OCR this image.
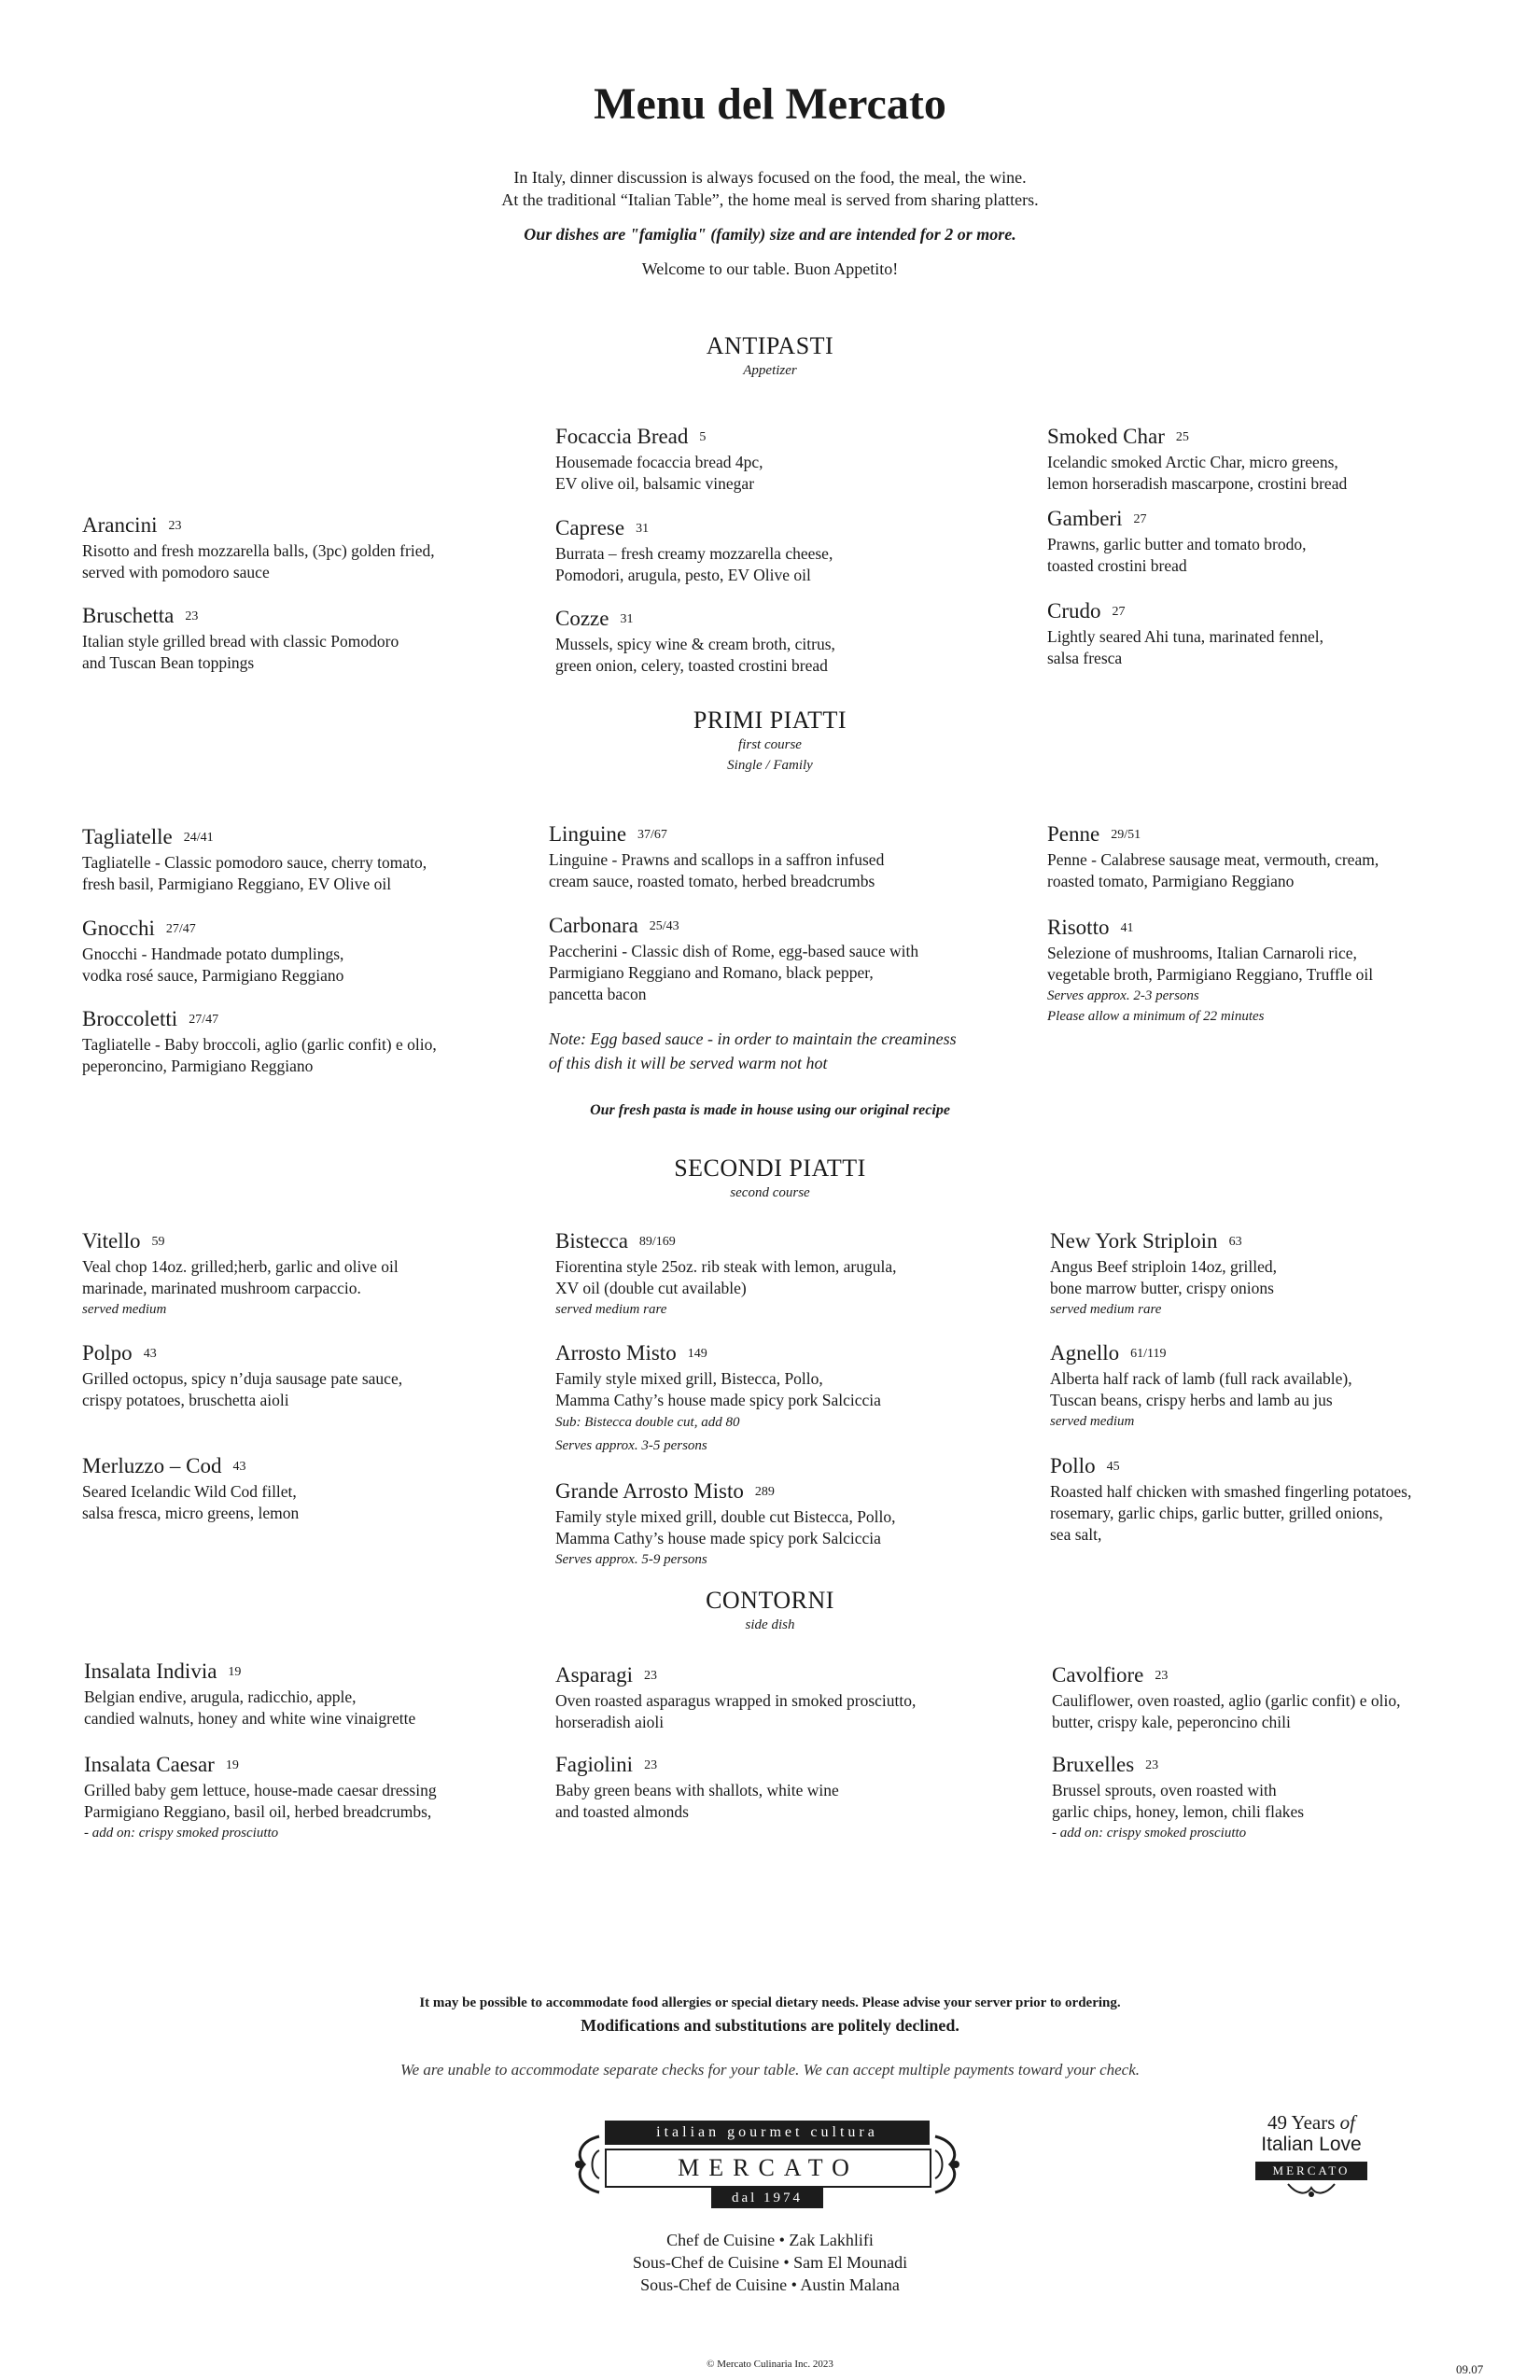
Menu del Mercato
In Italy, dinner discussion is always focused on the food, the meal, the wine.
At the traditional “Italian Table”, the home meal is served from sharing platters.
Our dishes are "famiglia" (family) size and are intended for 2 or more.
Welcome to our table. Buon Appetito!
ANTIPASTI
Appetizer
Arancini 23
Risotto and fresh mozzarella balls, (3pc) golden fried,
served with pomodoro sauce
Bruschetta 23
Italian style grilled bread with classic Pomodoro
and Tuscan Bean toppings
Focaccia Bread 5
Housemade focaccia bread 4pc,
EV olive oil, balsamic vinegar
Caprese 31
Burrata – fresh creamy mozzarella cheese,
Pomodori, arugula, pesto, EV Olive oil
Cozze 31
Mussels, spicy wine & cream broth, citrus,
green onion, celery, toasted crostini bread
Smoked Char 25
Icelandic smoked Arctic Char, micro greens,
lemon horseradish mascarpone, crostini bread
Gamberi 27
Prawns, garlic butter and tomato brodo,
toasted crostini bread
Crudo 27
Lightly seared Ahi tuna, marinated fennel,
salsa fresca
PRIMI PIATTI
first course
Single / Family
Tagliatelle 24/41
Tagliatelle - Classic pomodoro sauce, cherry tomato,
fresh basil, Parmigiano Reggiano, EV Olive oil
Gnocchi 27/47
Gnocchi - Handmade potato dumplings,
vodka rosé sauce, Parmigiano Reggiano
Broccoletti 27/47
Tagliatelle - Baby broccoli, aglio (garlic confit) e olio,
peperoncino, Parmigiano Reggiano
Linguine 37/67
Linguine - Prawns and scallops in a saffron infused
cream sauce, roasted tomato, herbed breadcrumbs
Carbonara 25/43
Paccherini - Classic dish of Rome, egg-based sauce with
Parmigiano Reggiano and Romano, black pepper,
pancetta bacon
Note: Egg based sauce - in order to maintain the creaminess
of this dish it will be served warm not hot
Penne 29/51
Penne - Calabrese sausage meat, vermouth, cream,
roasted tomato, Parmigiano Reggiano
Risotto 41
Selezione of mushrooms, Italian Carnaroli rice,
vegetable broth, Parmigiano Reggiano, Truffle oil
Serves approx. 2-3 persons
Please allow a minimum of 22 minutes
Our fresh pasta is made in house using our original recipe
SECONDI PIATTI
second course
Vitello 59
Veal chop 14oz. grilled;herb, garlic and olive oil
marinade, marinated mushroom carpaccio.
served medium
Polpo 43
Grilled octopus, spicy n’duja sausage pate sauce,
crispy potatoes, bruschetta aioli
Merluzzo – Cod 43
Seared Icelandic Wild Cod fillet,
salsa fresca, micro greens, lemon
Bistecca 89/169
Fiorentina style 25oz. rib steak with lemon, arugula,
XV oil (double cut available)
served medium rare
Arrosto Misto 149
Family style mixed grill, Bistecca, Pollo,
Mamma Cathy’s house made spicy pork Salciccia
Sub: Bistecca double cut, add 80
Serves approx. 3-5 persons
Grande Arrosto Misto 289
Family style mixed grill, double cut Bistecca, Pollo,
Mamma Cathy’s house made spicy pork Salciccia
Serves approx. 5-9 persons
New York Striploin 63
Angus Beef striploin 14oz, grilled,
bone marrow butter, crispy onions
served medium rare
Agnello 61/119
Alberta half rack of lamb (full rack available),
Tuscan beans, crispy herbs and lamb au jus
served medium
Pollo 45
Roasted half chicken with smashed fingerling potatoes,
rosemary, garlic chips, garlic butter, grilled onions,
sea salt,
CONTORNI
side dish
Insalata Indivia 19
Belgian endive, arugula, radicchio, apple,
candied walnuts, honey and white wine vinaigrette
Insalata Caesar 19
Grilled baby gem lettuce, house-made caesar dressing
Parmigiano Reggiano, basil oil, herbed breadcrumbs,
- add on: crispy smoked prosciutto
Asparagi 23
Oven roasted asparagus wrapped in smoked prosciutto,
horseradish aioli
Fagiolini 23
Baby green beans with shallots, white wine
and toasted almonds
Cavolfiore 23
Cauliflower, oven roasted, aglio (garlic confit) e olio,
butter, crispy kale, peperoncino chili
Bruxelles 23
Brussel sprouts, oven roasted with
garlic chips, honey, lemon, chili flakes
- add on: crispy smoked prosciutto
It may be possible to accommodate food allergies or special dietary needs. Please advise your server prior to ordering.
Modifications and substitutions are politely declined.
We are unable to accommodate separate checks for your table. We can accept multiple payments toward your check.
italian gourmet cultura
MERCATO
dal 1974
49 Years of
Italian Love
MERCATO
Chef de Cuisine • Zak Lakhlifi
Sous-Chef de Cuisine • Sam El Mounadi
Sous-Chef de Cuisine • Austin Malana
© Mercato Culinaria Inc. 2023	09.07
